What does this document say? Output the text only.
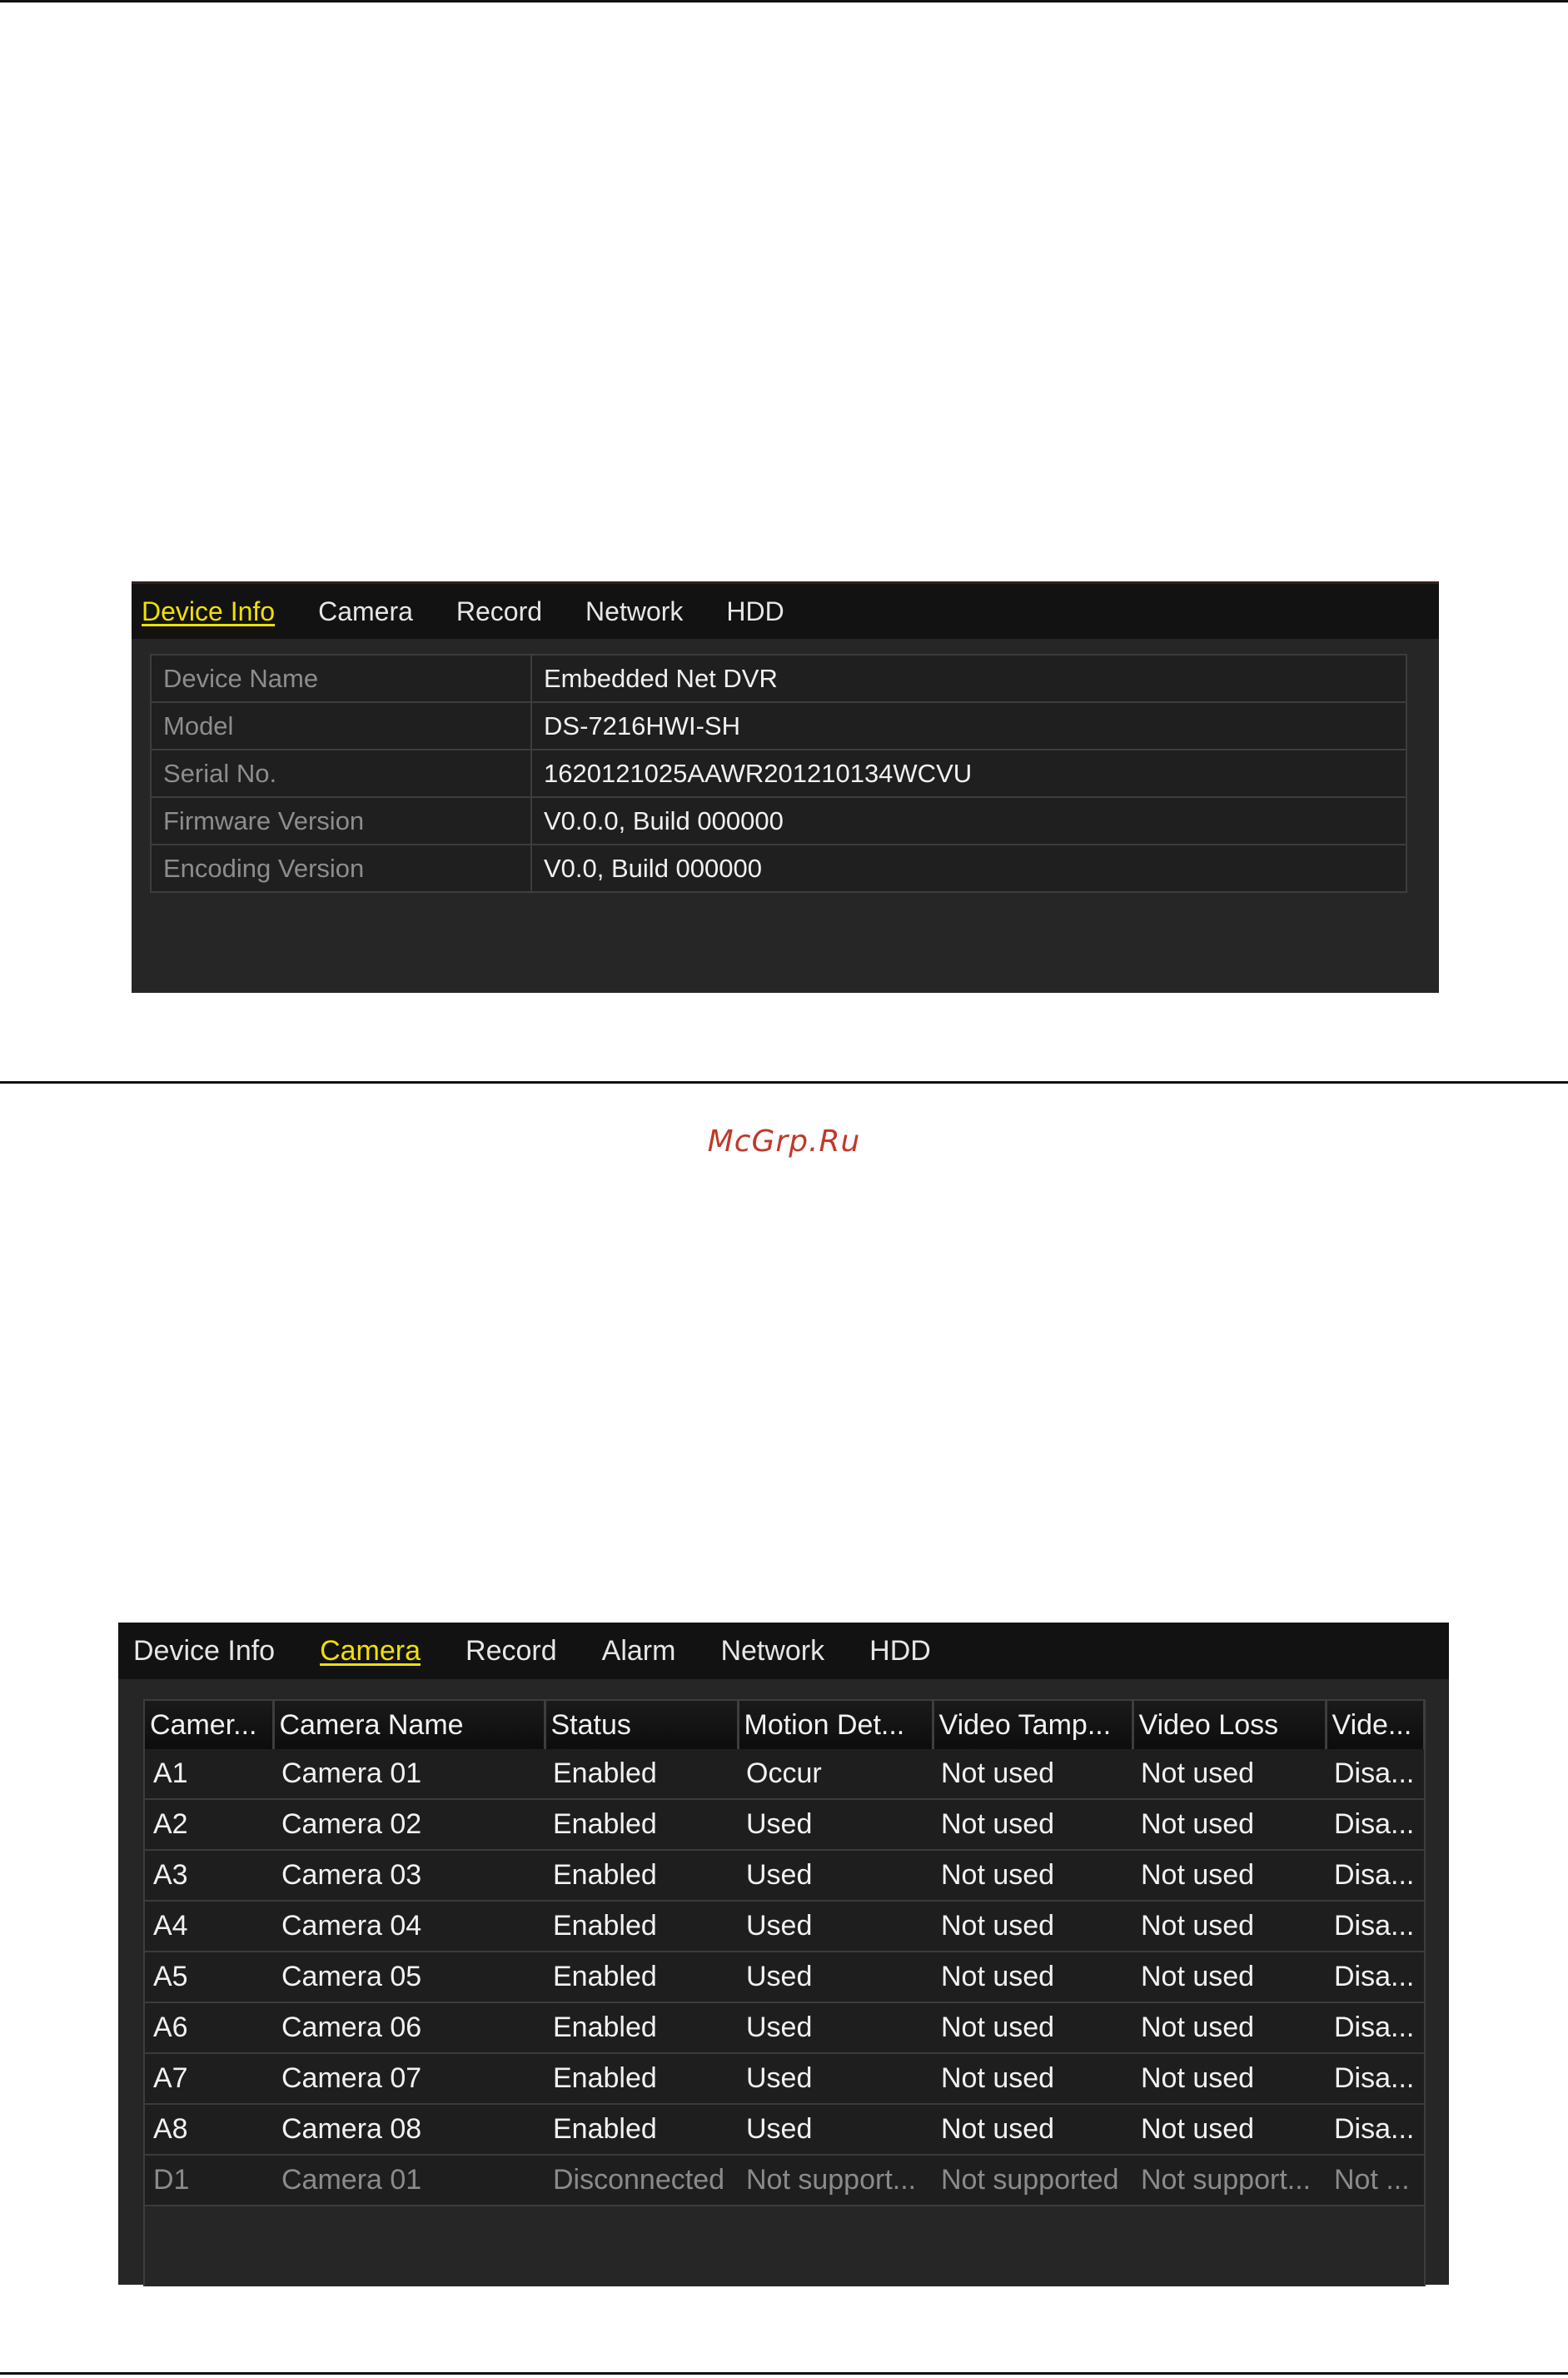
Device Info Camera Record Network HDD
Device Name	Embedded Net DVR
Model	DS-7216HWI-SH
Serial No.	1620121025AAWR201210134WCVU
Firmware Version	V0.0.0, Build 000000
Encoding Version	V0.0, Build 000000
McGrp.Ru
Device Info Camera Record Alarm Network HDD
Camer...	Camera Name	Status	Motion Det...	Video Tamp...	Video Loss	Vide...
A1	Camera 01	Enabled	Occur	Not used	Not used	Disa...
A2	Camera 02	Enabled	Used	Not used	Not used	Disa...
A3	Camera 03	Enabled	Used	Not used	Not used	Disa...
A4	Camera 04	Enabled	Used	Not used	Not used	Disa...
A5	Camera 05	Enabled	Used	Not used	Not used	Disa...
A6	Camera 06	Enabled	Used	Not used	Not used	Disa...
A7	Camera 07	Enabled	Used	Not used	Not used	Disa...
A8	Camera 08	Enabled	Used	Not used	Not used	Disa...
D1	Camera 01	Disconnected	Not support...	Not supported	Not support...	Not ...
